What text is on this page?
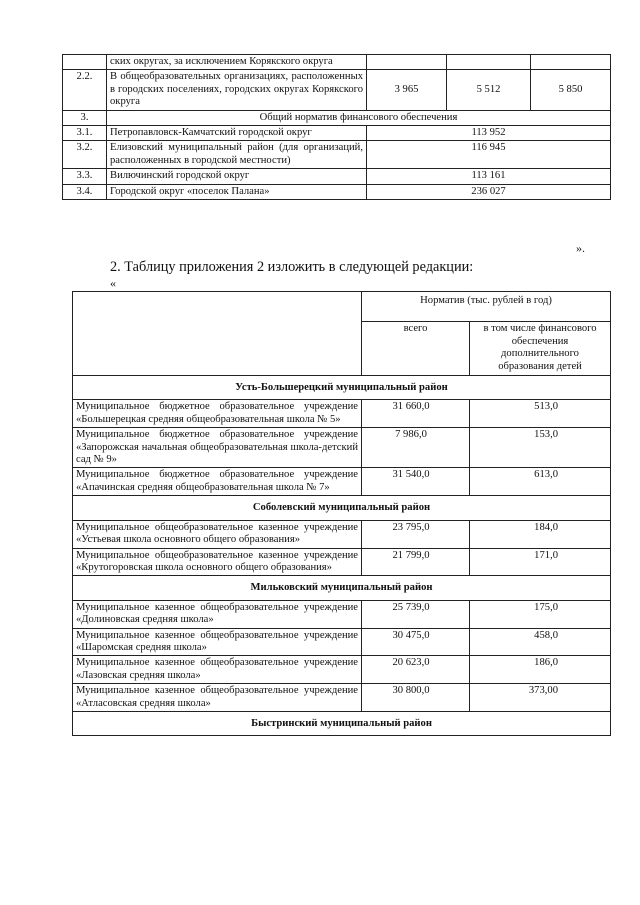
	ских округах, за исключением Корякского округа			
2.2.	В общеобразовательных организациях, расположенных в городских поселениях, городских округах Корякского округа	3 965	5 512	5 850
3.	Общий норматив финансового обеспечения			
3.1.	Петропавловск-Камчатский городской округ	113 952		
3.2.	Елизовский муниципальный район (для организаций, расположенных в городской местности)	116 945		
3.3.	Вилючинский городской округ	113 161		
3.4.	Городской округ «поселок Палана»	236 027		
».
2. Таблицу приложения 2 изложить в следующей редакции:
«
	Норматив (тыс. рублей в год)	
	всего	в том числе финансового обеспечения дополнительного образования детей
Усть-Большерецкий муниципальный район		
Муниципальное бюджетное образовательное учреждение «Большерецкая средняя общеобразовательная школа № 5»	31 660,0	513,0
Муниципальное бюджетное образовательное учреждение «Запорожская начальная общеобразовательная школа-детский сад № 9»	7 986,0	153,0
Муниципальное бюджетное образовательное учреждение «Апачинская средняя общеобразовательная школа № 7»	31 540,0	613,0
Соболевский муниципальный район		
Муниципальное общеобразовательное казенное учреждение «Устьевая школа основного общего образования»	23 795,0	184,0
Муниципальное общеобразовательное казенное учреждение «Крутогоровская школа основного общего образования»	21 799,0	171,0
Мильковский муниципальный район		
Муниципальное казенное общеобразовательное учреждение «Долиновская средняя школа»	25 739,0	175,0
Муниципальное казенное общеобразовательное учреждение «Шаромская средняя школа»	30 475,0	458,0
Муниципальное казенное общеобразовательное учреждение «Лазовская средняя школа»	20 623,0	186,0
Муниципальное казенное общеобразовательное учреждение «Атласовская средняя школа»	30 800,0	373,00
Быстринский муниципальный район		
